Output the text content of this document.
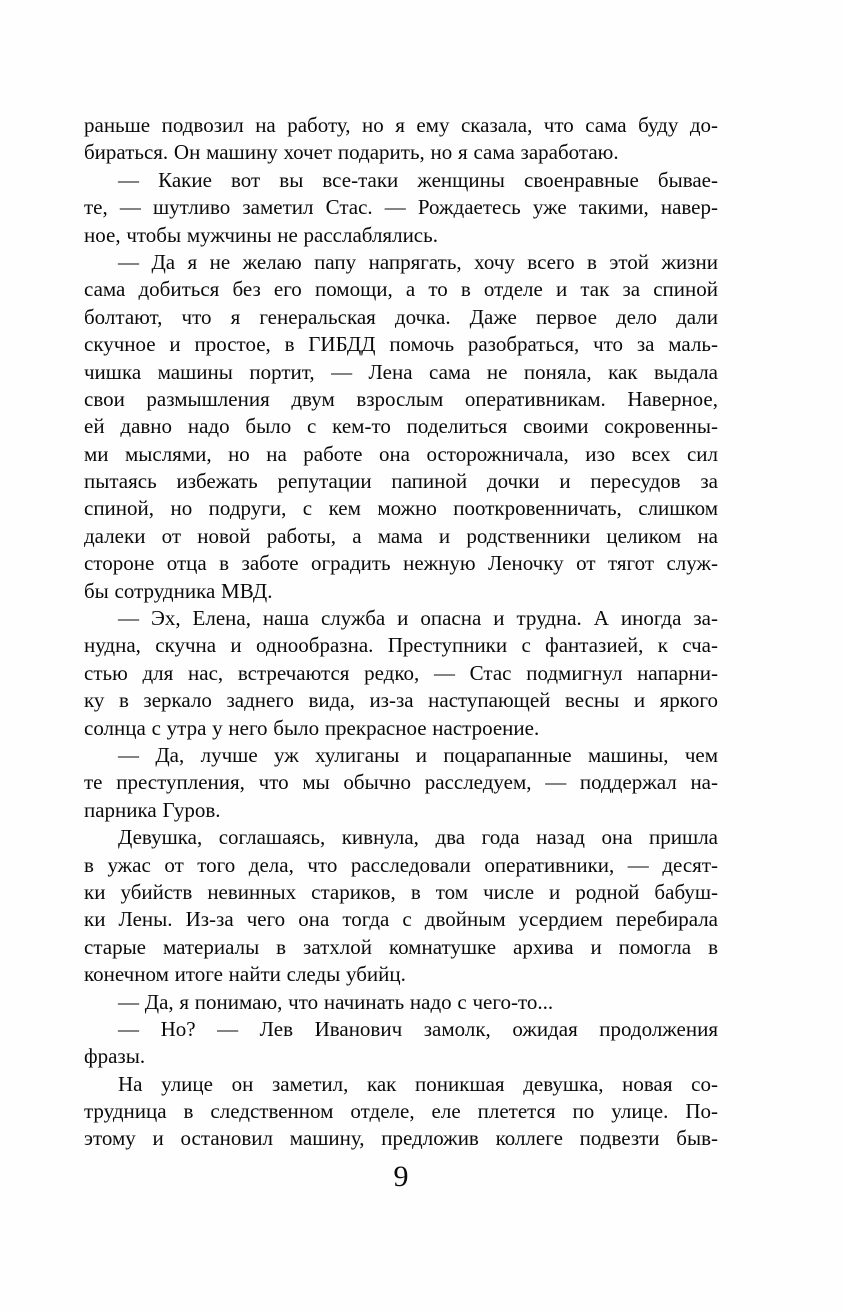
раньше подвозил на работу, но я ему сказала, что сама буду до-
бираться. Он машину хочет подарить, но я сама заработаю.
— Какие вот вы все-таки женщины своенравные бывае-
те, — шутливо заметил Стас. — Рождаетесь уже такими, навер-
ное, чтобы мужчины не расслаблялись.
— Да я не желаю папу напрягать, хочу всего в этой жизни
сама добиться без его помощи, а то в отделе и так за спиной
болтают, что я генеральская дочка. Даже первое дело дали
скучное и простое, в ГИБДД помочь разобраться, что за маль-
чишка машины портит, — Лена сама не поняла, как выдала
свои размышления двум взрослым оперативникам. Наверное,
ей давно надо было с кем-то поделиться своими сокровенны-
ми мыслями, но на работе она осторожничала, изо всех сил
пытаясь избежать репутации папиной дочки и пересудов за
спиной, но подруги, с кем можно пооткровенничать, слишком
далеки от новой работы, а мама и родственники целиком на
стороне отца в заботе оградить нежную Леночку от тягот служ-
бы сотрудника МВД.
— Эх, Елена, наша служба и опасна и трудна. А иногда за-
нудна, скучна и однообразна. Преступники с фантазией, к сча-
стью для нас, встречаются редко, — Стас подмигнул напарни-
ку в зеркало заднего вида, из-за наступающей весны и яркого
солнца с утра у него было прекрасное настроение.
— Да, лучше уж хулиганы и поцарапанные машины, чем
те преступления, что мы обычно расследуем, — поддержал на-
парника Гуров.
Девушка, соглашаясь, кивнула, два года назад она пришла
в ужас от того дела, что расследовали оперативники, — десят-
ки убийств невинных стариков, в том числе и родной бабуш-
ки Лены. Из-за чего она тогда с двойным усердием перебирала
старые материалы в затхлой комнатушке архива и помогла в
конечном итоге найти следы убийц.
— Да, я понимаю, что начинать надо с чего-то...
— Но? — Лев Иванович замолк, ожидая продолжения
фразы.
На улице он заметил, как поникшая девушка, новая со-
трудница в следственном отделе, еле плетется по улице. По-
этому и остановил машину, предложив коллеге подвезти быв-
9
